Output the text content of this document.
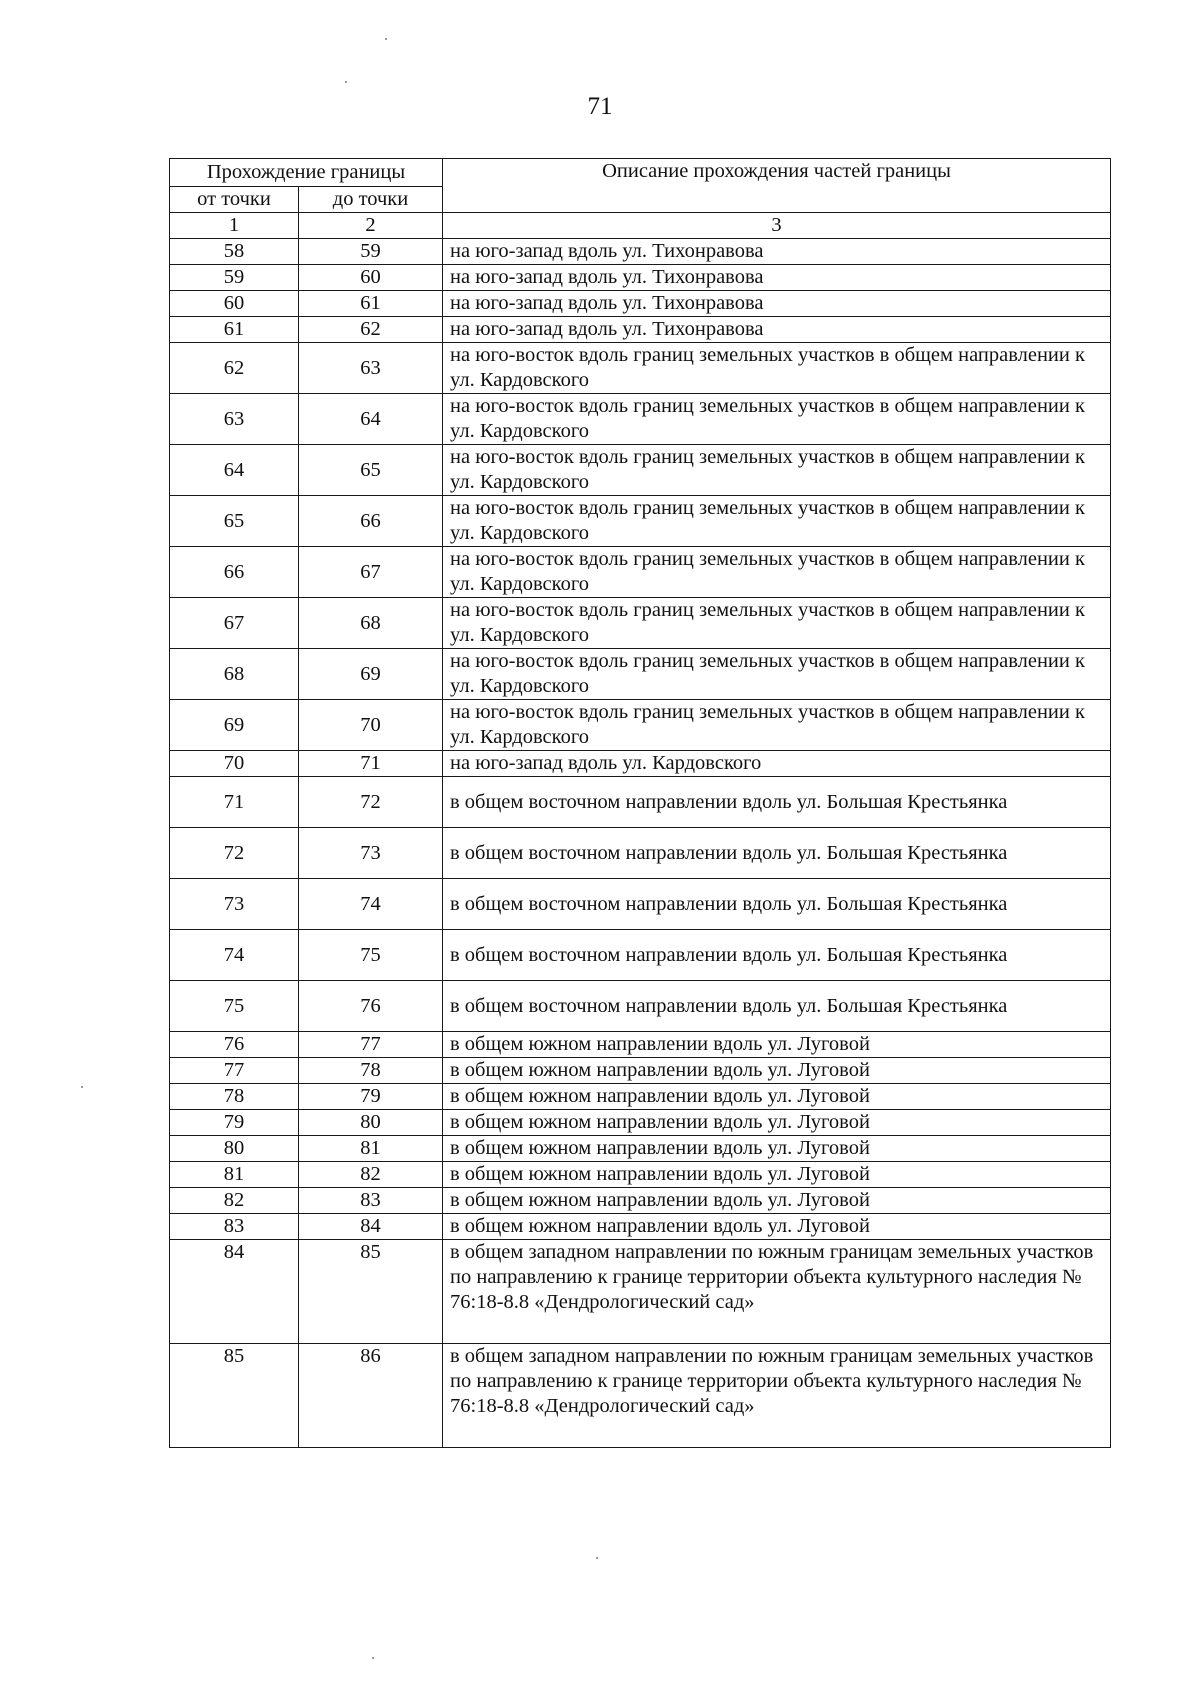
71
Прохождение границы		Описание прохождения частей границы
от точки	до точки	
1	2	3
58	59	на юго-запад вдоль ул. Тихонравова
59	60	на юго-запад вдоль ул. Тихонравова
60	61	на юго-запад вдоль ул. Тихонравова
61	62	на юго-запад вдоль ул. Тихонравова
62	63	на юго-восток вдоль границ земельных участков в общем направлении к ул. Кардовского
63	64	на юго-восток вдоль границ земельных участков в общем направлении к ул. Кардовского
64	65	на юго-восток вдоль границ земельных участков в общем направлении к ул. Кардовского
65	66	на юго-восток вдоль границ земельных участков в общем направлении к ул. Кардовского
66	67	на юго-восток вдоль границ земельных участков в общем направлении к ул. Кардовского
67	68	на юго-восток вдоль границ земельных участков в общем направлении к ул. Кардовского
68	69	на юго-восток вдоль границ земельных участков в общем направлении к ул. Кардовского
69	70	на юго-восток вдоль границ земельных участков в общем направлении к ул. Кардовского
70	71	на юго-запад вдоль ул. Кардовского
71	72	в общем восточном направлении вдоль ул. Большая Крестьянка
72	73	в общем восточном направлении вдоль ул. Большая Крестьянка
73	74	в общем восточном направлении вдоль ул. Большая Крестьянка
74	75	в общем восточном направлении вдоль ул. Большая Крестьянка
75	76	в общем восточном направлении вдоль ул. Большая Крестьянка
76	77	в общем южном направлении вдоль ул. Луговой
77	78	в общем южном направлении вдоль ул. Луговой
78	79	в общем южном направлении вдоль ул. Луговой
79	80	в общем южном направлении вдоль ул. Луговой
80	81	в общем южном направлении вдоль ул. Луговой
81	82	в общем южном направлении вдоль ул. Луговой
82	83	в общем южном направлении вдоль ул. Луговой
83	84	в общем южном направлении вдоль ул. Луговой
84	85	в общем западном направлении по южным границам земельных участков по направлению к границе территории объекта культурного наследия № 76:18-8.8 «Дендрологический сад»
85	86	в общем западном направлении по южным границам земельных участков по направлению к границе территории объекта культурного наследия № 76:18-8.8 «Дендрологический сад»
